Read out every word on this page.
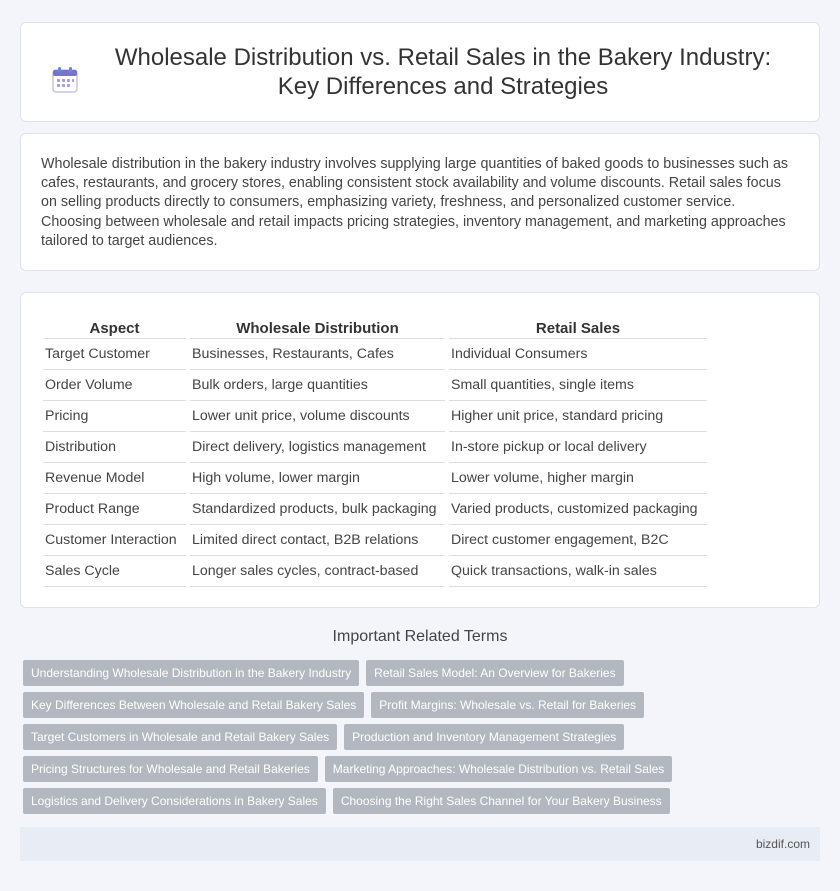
Wholesale Distribution vs. Retail Sales in the Bakery Industry: Key Differences and Strategies

Wholesale distribution in the bakery industry involves supplying large quantities of baked goods to businesses such as cafes, restaurants, and grocery stores, enabling consistent stock availability and volume discounts. Retail sales focus on selling products directly to consumers, emphasizing variety, freshness, and personalized customer service. Choosing between wholesale and retail impacts pricing strategies, inventory management, and marketing approaches tailored to target audiences.

Aspect	Wholesale Distribution	Retail Sales
Target Customer	Businesses, Restaurants, Cafes	Individual Consumers
Order Volume	Bulk orders, large quantities	Small quantities, single items
Pricing	Lower unit price, volume discounts	Higher unit price, standard pricing
Distribution	Direct delivery, logistics management	In-store pickup or local delivery
Revenue Model	High volume, lower margin	Lower volume, higher margin
Product Range	Standardized products, bulk packaging	Varied products, customized packaging
Customer Interaction	Limited direct contact, B2B relations	Direct customer engagement, B2C
Sales Cycle	Longer sales cycles, contract-based	Quick transactions, walk-in sales
Important Related Terms
Understanding Wholesale Distribution in the Bakery Industry	Retail Sales Model: An Overview for Bakeries
Key Differences Between Wholesale and Retail Bakery Sales	Profit Margins: Wholesale vs. Retail for Bakeries
Target Customers in Wholesale and Retail Bakery Sales	Production and Inventory Management Strategies
Pricing Structures for Wholesale and Retail Bakeries	Marketing Approaches: Wholesale Distribution vs. Retail Sales
Logistics and Delivery Considerations in Bakery Sales	Choosing the Right Sales Channel for Your Bakery Business
bizdif.com
